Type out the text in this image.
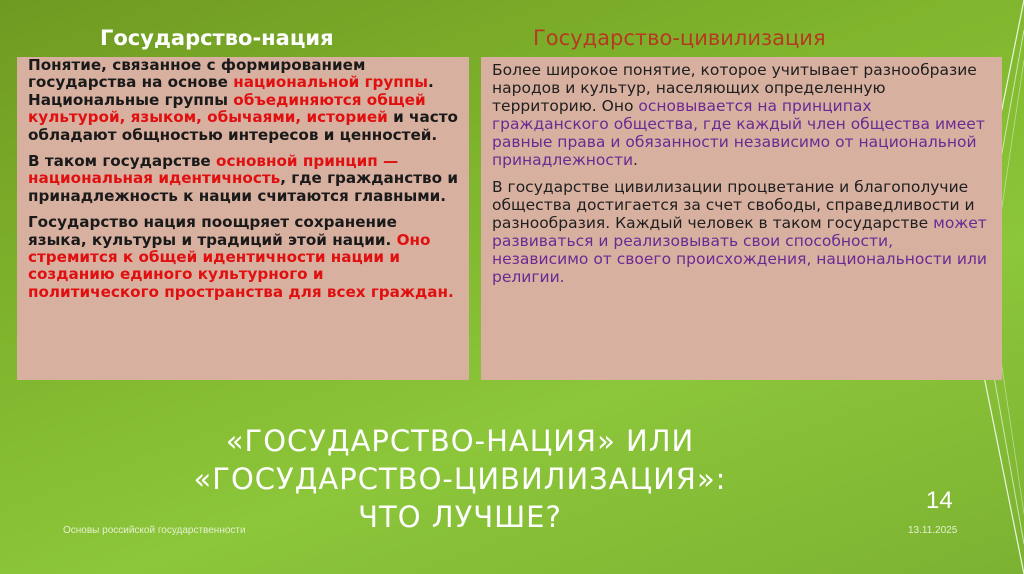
Государство-нация	Государство-цивилизация

Понятие, связанное с формированием государства на основе национальной группы. Национальные группы объединяются общей культурой, языком, обычаями, историей и часто обладают общностью интересов и ценностей.

В таком государстве основной принцип — национальная идентичность, где гражданство и принадлежность к нации считаются главными.

Государство нация поощряет сохранение языка, культуры и традиций этой нации. Оно стремится к общей идентичности нации и созданию единого культурного и политического пространства для всех граждан.

Более широкое понятие, которое учитывает разнообразие народов и культур, населяющих определенную территорию. Оно основывается на принципах гражданского общества, где каждый член общества имеет равные права и обязанности независимо от национальной принадлежности.

В государстве цивилизации процветание и благополучие общества достигается за счет свободы, справедливости и разнообразия. Каждый человек в таком государстве может развиваться и реализовывать свои способности, независимо от своего происхождения, национальности или религии.

«ГОСУДАРСТВО-НАЦИЯ» ИЛИ
«ГОСУДАРСТВО-ЦИВИЛИЗАЦИЯ»:
ЧТО ЛУЧШЕ?	14
Основы российской государственности	13.11.2025
